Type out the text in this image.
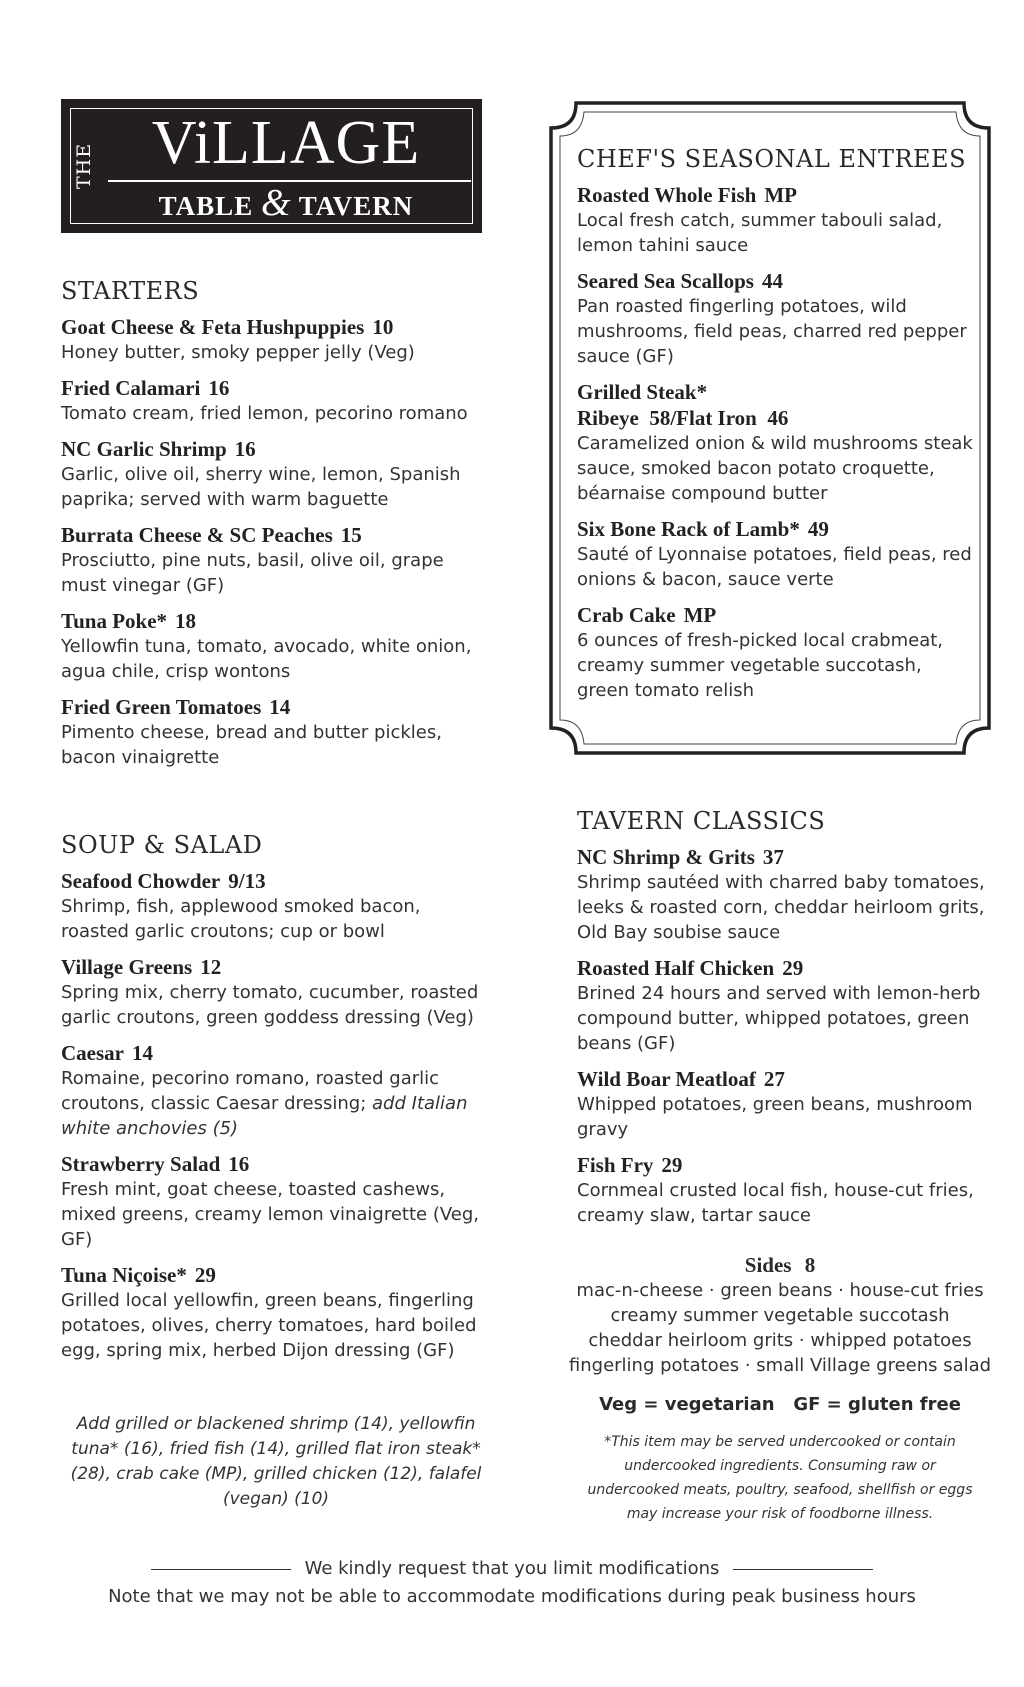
THE ViLLAGE
TABLE & TAVERN
STARTERS
Goat Cheese & Feta Hushpuppies 10
Honey butter, smoky pepper jelly (Veg)
Fried Calamari 16
Tomato cream, fried lemon, pecorino romano
NC Garlic Shrimp 16
Garlic, olive oil, sherry wine, lemon, Spanish paprika; served with warm baguette
Burrata Cheese & SC Peaches 15
Prosciutto, pine nuts, basil, olive oil, grape must vinegar (GF)
Tuna Poke* 18
Yellowfin tuna, tomato, avocado, white onion, agua chile, crisp wontons
Fried Green Tomatoes 14
Pimento cheese, bread and butter pickles, bacon vinaigrette
SOUP & SALAD
Seafood Chowder 9/13
Shrimp, fish, applewood smoked bacon, roasted garlic croutons; cup or bowl
Village Greens 12
Spring mix, cherry tomato, cucumber, roasted garlic croutons, green goddess dressing (Veg)
Caesar 14
Romaine, pecorino romano, roasted garlic croutons, classic Caesar dressing; add Italian white anchovies (5)
Strawberry Salad 16
Fresh mint, goat cheese, toasted cashews, mixed greens, creamy lemon vinaigrette (Veg, GF)
Tuna Niçoise* 29
Grilled local yellowfin, green beans, fingerling potatoes, olives, cherry tomatoes, hard boiled egg, spring mix, herbed Dijon dressing (GF)
Add grilled or blackened shrimp (14), yellowfin tuna* (16), fried fish (14), grilled flat iron steak* (28), crab cake (MP), grilled chicken (12), falafel (vegan) (10)
CHEF'S SEASONAL ENTREES
Roasted Whole Fish MP
Local fresh catch, summer tabouli salad, lemon tahini sauce
Seared Sea Scallops 44
Pan roasted fingerling potatoes, wild mushrooms, field peas, charred red pepper sauce (GF)
Grilled Steak*
Ribeye  58/Flat Iron  46
Caramelized onion & wild mushrooms steak sauce, smoked bacon potato croquette, béarnaise compound butter
Six Bone Rack of Lamb* 49
Sauté of Lyonnaise potatoes, field peas, red onions & bacon, sauce verte
Crab Cake MP
6 ounces of fresh-picked local crabmeat, creamy summer vegetable succotash, green tomato relish
TAVERN CLASSICS
NC Shrimp & Grits 37
Shrimp sautéed with charred baby tomatoes, leeks & roasted corn, cheddar heirloom grits, Old Bay soubise sauce
Roasted Half Chicken 29
Brined 24 hours and served with lemon-herb compound butter, whipped potatoes, green beans (GF)
Wild Boar Meatloaf 27
Whipped potatoes, green beans, mushroom gravy
Fish Fry 29
Cornmeal crusted local fish, house-cut fries, creamy slaw, tartar sauce
Sides 8
mac-n-cheese · green beans · house-cut fries
creamy summer vegetable succotash
cheddar heirloom grits · whipped potatoes
fingerling potatoes · small Village greens salad
Veg = vegetarian   GF = gluten free
*This item may be served undercooked or contain undercooked ingredients. Consuming raw or undercooked meats, poultry, seafood, shellfish or eggs may increase your risk of foodborne illness.
We kindly request that you limit modifications
Note that we may not be able to accommodate modifications during peak business hours
